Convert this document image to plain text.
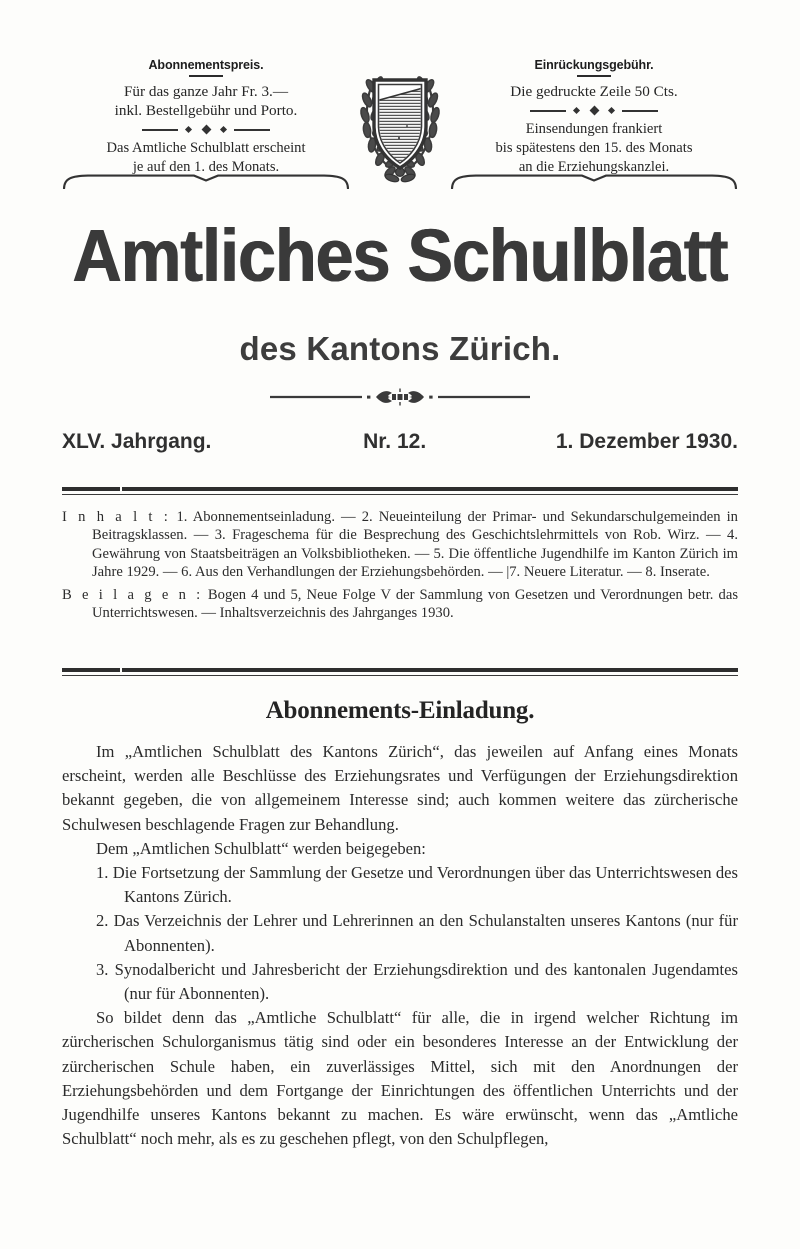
Abonnementspreis.
Für das ganze Jahr Fr. 3.—
inkl. Bestellgebühr und Porto.
Das Amtliche Schulblatt erscheint
je auf den 1. des Monats.
Einrückungsgebühr.
Die gedruckte Zeile 50 Cts.
Einsendungen frankiert
bis spätestens den 15. des Monats
an die Erziehungskanzlei.
Amtliches Schulblatt
des Kantons Zürich.
XLV. Jahrgang.	Nr. 12.	1. Dezember 1930.

I n h a l t : 1. Abonnementseinladung. — 2. Neueinteilung der Primar- und Sekundarschulgemeinden in Beitragsklassen. — 3. Frageschema für die Besprechung des Geschichtslehrmittels von Rob. Wirz. — 4. Gewährung von Staatsbeiträgen an Volksbibliotheken. — 5. Die öffentliche Jugendhilfe im Kanton Zürich im Jahre 1929. — 6. Aus den Verhandlungen der Erziehungsbehörden. — |7. Neuere Literatur. — 8. Inserate.

B e i l a g e n : Bogen 4 und 5, Neue Folge V der Sammlung von Gesetzen und Verordnungen betr. das Unterrichtswesen. — Inhaltsverzeichnis des Jahrganges 1930.

Abonnements-Einladung.

Im „Amtlichen Schulblatt des Kantons Zürich“, das jeweilen auf Anfang eines Monats erscheint, werden alle Beschlüsse des Erziehungsrates und Verfügungen der Erziehungsdirektion bekannt gegeben, die von allgemeinem Interesse sind; auch kommen weitere das zürcherische Schulwesen beschlagende Fragen zur Behandlung.

Dem „Amtlichen Schulblatt“ werden beigegeben:

1. Die Fortsetzung der Sammlung der Gesetze und Verordnungen über das Unterrichtswesen des Kantons Zürich.
2. Das Verzeichnis der Lehrer und Lehrerinnen an den Schulanstalten unseres Kantons (nur für Abonnenten).
3. Synodalbericht und Jahresbericht der Erziehungsdirektion und des kantonalen Jugendamtes (nur für Abonnenten).

So bildet denn das „Amtliche Schulblatt“ für alle, die in irgend welcher Richtung im zürcherischen Schulorganismus tätig sind oder ein besonderes Interesse an der Entwicklung der zürcherischen Schule haben, ein zuverlässiges Mittel, sich mit den Anordnungen der Erziehungsbehörden und dem Fortgange der Einrichtungen des öffentlichen Unterrichts und der Jugendhilfe unseres Kantons bekannt zu machen. Es wäre erwünscht, wenn das „Amtliche Schulblatt“ noch mehr, als es zu geschehen pflegt, von den Schulpflegen,
